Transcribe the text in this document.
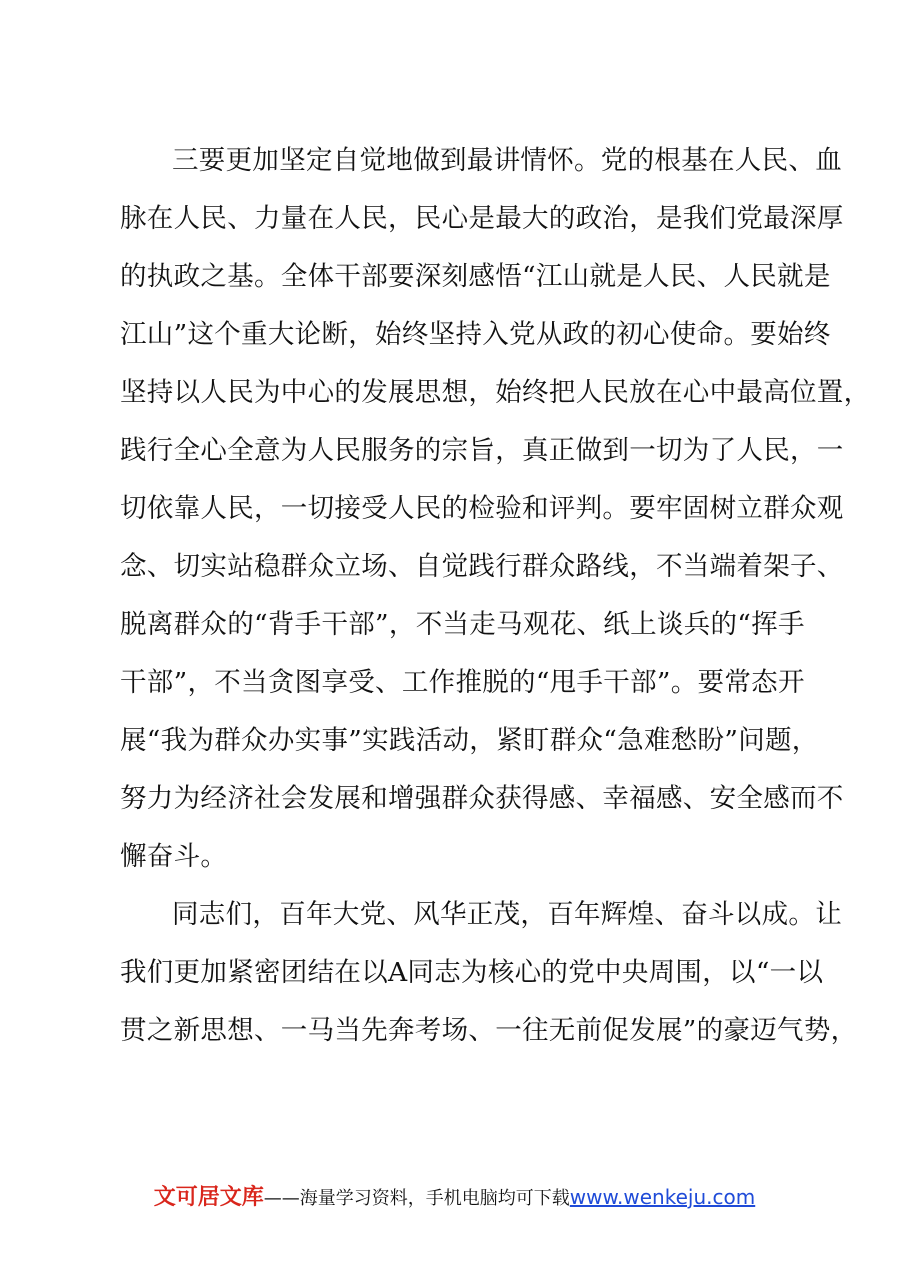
三要更加坚定自觉地做到最讲情怀。党的根基在人民、血
脉在人民、力量在人民，民心是最大的政治，是我们党最深厚
的执政之基。全体干部要深刻感悟“江山就是人民、人民就是
江山”这个重大论断，始终坚持入党从政的初心使命。要始终
坚持以人民为中心的发展思想，始终把人民放在心中最高位置，
践行全心全意为人民服务的宗旨，真正做到一切为了人民，一
切依靠人民，一切接受人民的检验和评判。要牢固树立群众观
念、切实站稳群众立场、自觉践行群众路线，不当端着架子、
脱离群众的“背手干部”，不当走马观花、纸上谈兵的“挥手
干部”，不当贪图享受、工作推脱的“甩手干部”。要常态开
展“我为群众办实事”实践活动，紧盯群众“急难愁盼”问题，
努力为经济社会发展和增强群众获得感、幸福感、安全感而不
懈奋斗。
同志们，百年大党、风华正茂，百年辉煌、奋斗以成。让
我们更加紧密团结在以A同志为核心的党中央周围，以“一以
贯之新思想、一马当先奔考场、一往无前促发展”的豪迈气势，
文可居文库——海量学习资料，手机电脑均可下载www.wenkeju.com
